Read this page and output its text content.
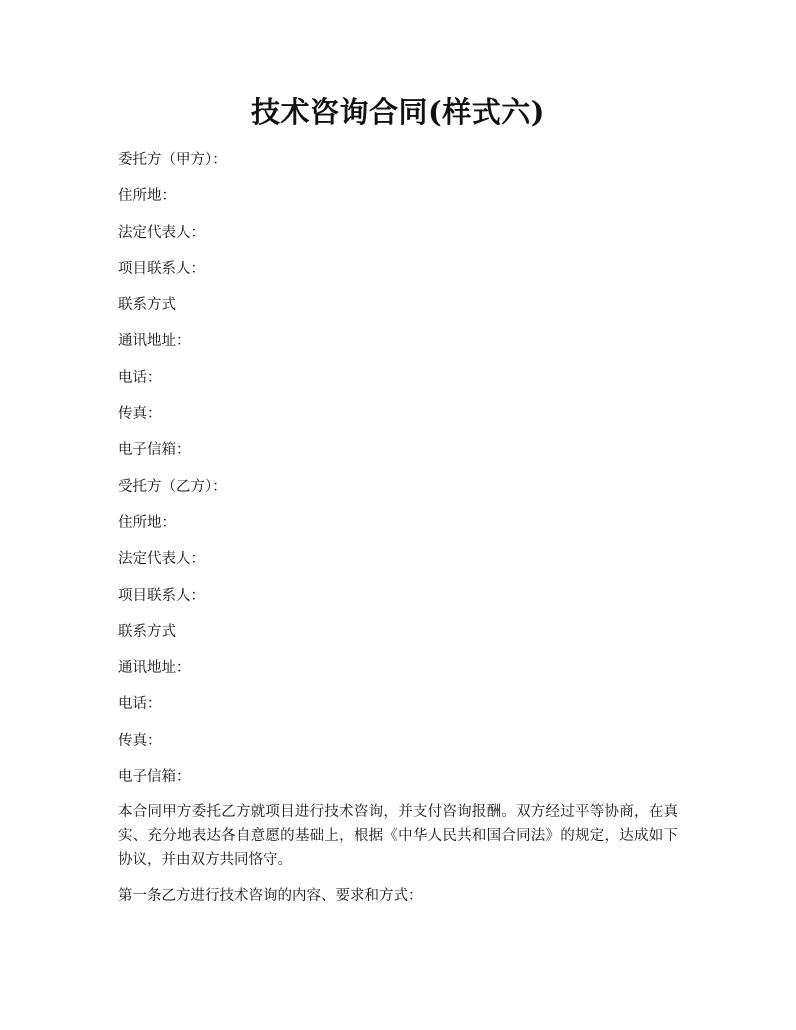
技术咨询合同(样式六)
委托方（甲方）：
住所地：
法定代表人：
项目联系人：
联系方式
通讯地址：
电话：
传真：
电子信箱：
受托方（乙方）：
住所地：
法定代表人：
项目联系人：
联系方式
通讯地址：
电话：
传真：
电子信箱：

本合同甲方委托乙方就项目进行技术咨询，并支付咨询报酬。双方经过平等协商，在真实、充分地表达各自意愿的基础上，根据《中华人民共和国合同法》的规定，达成如下协议，并由双方共同恪守。

第一条乙方进行技术咨询的内容、要求和方式：
